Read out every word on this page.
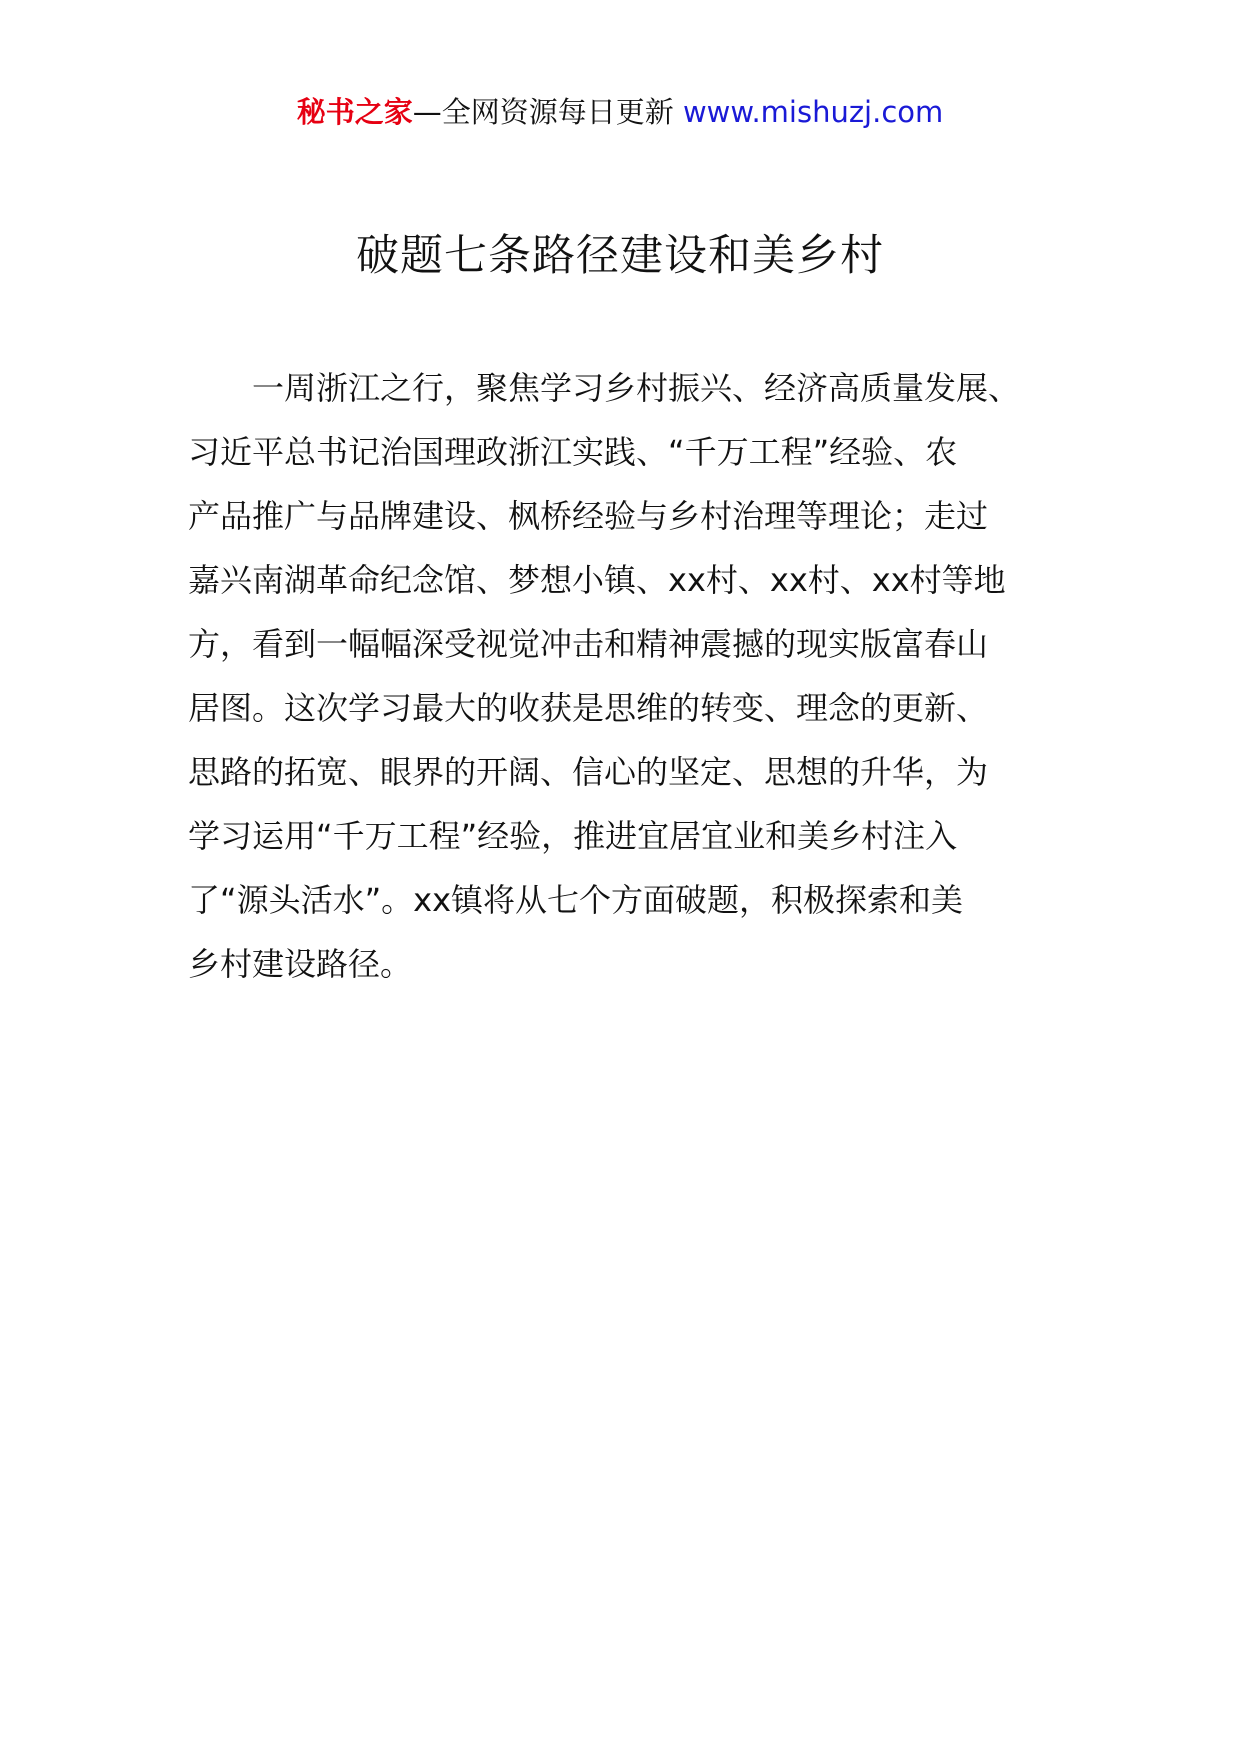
秘书之家—全网资源每日更新 www.mishuzj.com
破题七条路径建设和美乡村
一周浙江之行，聚焦学习乡村振兴、经济高质量发展、
习近平总书记治国理政浙江实践、“千万工程”经验、农
产品推广与品牌建设、枫桥经验与乡村治理等理论；走过
嘉兴南湖革命纪念馆、梦想小镇、xx村、xx村、xx村等地
方，看到一幅幅深受视觉冲击和精神震撼的现实版富春山
居图。这次学习最大的收获是思维的转变、理念的更新、
思路的拓宽、眼界的开阔、信心的坚定、思想的升华，为
学习运用“千万工程”经验，推进宜居宜业和美乡村注入
了“源头活水”。xx镇将从七个方面破题，积极探索和美
乡村建设路径。
